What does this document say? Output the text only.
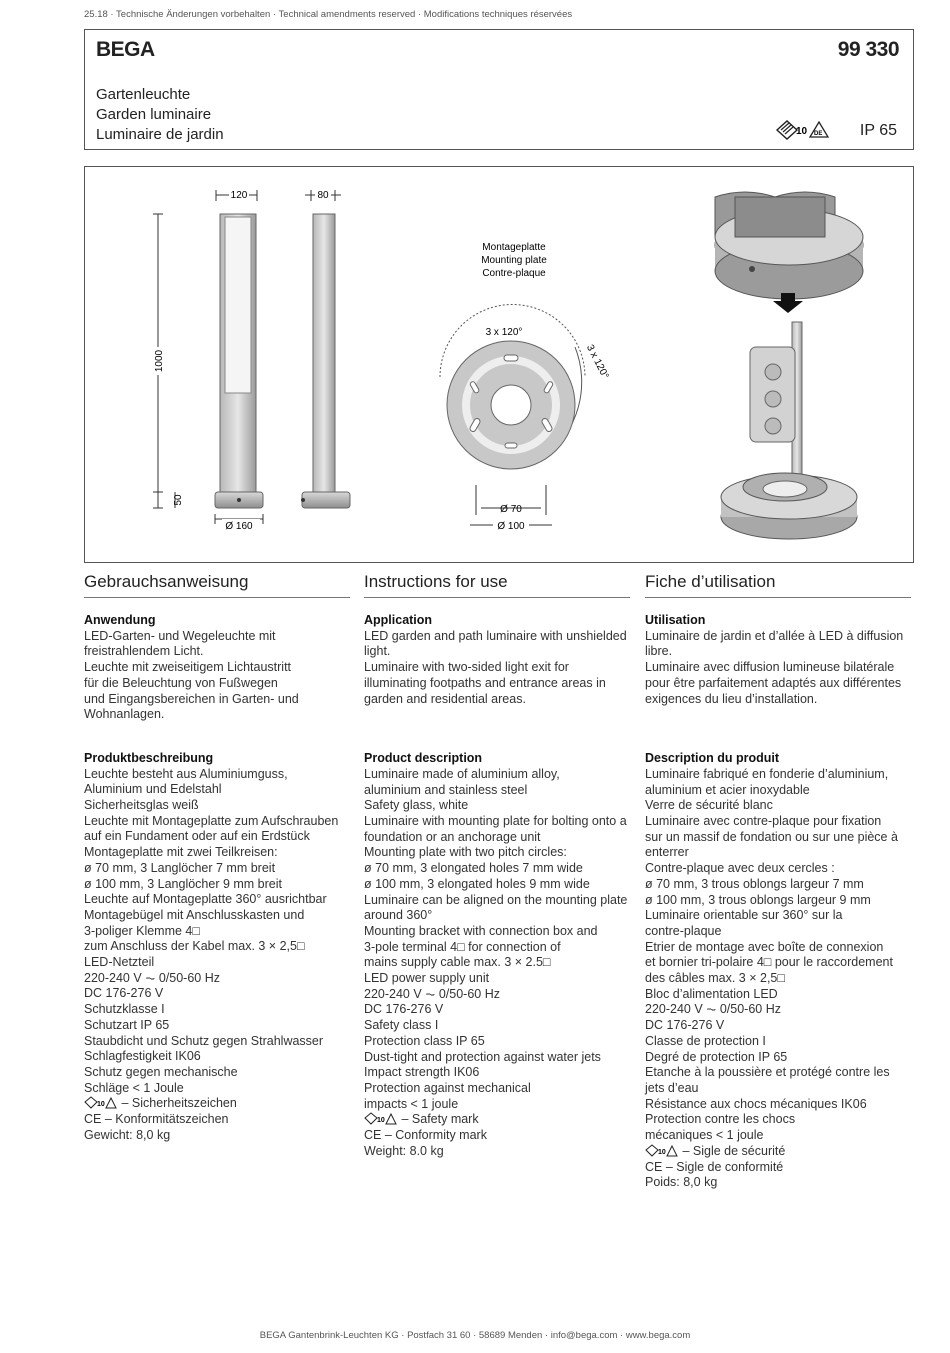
25.18 · Technische Änderungen vorbehalten · Technical amendments reserved · Modifications techniques réservées
BEGA	99 330
Gartenleuchte
Garden luminaire
Luminaire de jardin	10 DE IP 65
120
Ø 160
1000
50
80
Montageplatte
Mounting plate
Contre-plaque
3 x 120°
3 x 120°
Ø 70
Ø 100
Gebrauchsanweisung
Anwendung
LED-Garten- und Wegeleuchte mit
freistrahlendem Licht.
Leuchte mit zweiseitigem Lichtaustritt
für die Beleuchtung von Fußwegen
und Eingangsbereichen in Garten- und
Wohnanlagen.
Produktbeschreibung
Leuchte besteht aus Aluminiumguss,
Aluminium und Edelstahl
Sicherheitsglas weiß
Leuchte mit Montageplatte zum Aufschrauben
auf ein Fundament oder auf ein Erdstück
Montageplatte mit zwei Teilkreisen:
ø 70 mm, 3 Langlöcher 7 mm breit
ø 100 mm, 3 Langlöcher 9 mm breit
Leuchte auf Montageplatte 360° ausrichtbar
Montagebügel mit Anschlusskasten und
3-poliger Klemme 4□
zum Anschluss der Kabel max. 3 × 2,5□
LED-Netzteil
220-240 V ⏦ 0/50-60 Hz
DC 176-276 V
Schutzklasse I
Schutzart IP 65
Staubdicht und Schutz gegen Strahlwasser
Schlagfestigkeit IK06
Schutz gegen mechanische
Schläge < 1 Joule
10 – Sicherheitszeichen
CE – Konformitätszeichen
Gewicht: 8,0 kg
Instructions for use
Application
LED garden and path luminaire with unshielded
light.
Luminaire with two-sided light exit for
illuminating footpaths and entrance areas in
garden and residential areas.
Product description
Luminaire made of aluminium alloy,
aluminium and stainless steel
Safety glass, white
Luminaire with mounting plate for bolting onto a
foundation or an anchorage unit
Mounting plate with two pitch circles:
ø 70 mm, 3 elongated holes 7 mm wide
ø 100 mm, 3 elongated holes 9 mm wide
Luminaire can be aligned on the mounting plate
around 360°
Mounting bracket with connection box and
3-pole terminal 4□ for connection of
mains supply cable max. 3 × 2.5□
LED power supply unit
220-240 V ⏦ 0/50-60 Hz
DC 176-276 V
Safety class I
Protection class IP 65
Dust-tight and protection against water jets
Impact strength IK06
Protection against mechanical
impacts < 1 joule
10 – Safety mark
CE – Conformity mark
Weight: 8.0 kg
Fiche d’utilisation
Utilisation
Luminaire de jardin et d’allée à LED à diffusion
libre.
Luminaire avec diffusion lumineuse bilatérale
pour être parfaitement adaptés aux différentes
exigences du lieu d’installation.
Description du produit
Luminaire fabriqué en fonderie d’aluminium,
aluminium et acier inoxydable
Verre de sécurité blanc
Luminaire avec contre-plaque pour fixation
sur un massif de fondation ou sur une pièce à
enterrer
Contre-plaque avec deux cercles :
ø 70 mm, 3 trous oblongs largeur 7 mm
ø 100 mm, 3 trous oblongs largeur 9 mm
Luminaire orientable sur 360° sur la
contre-plaque
Etrier de montage avec boîte de connexion
et bornier tri-polaire 4□ pour le raccordement
des câbles max. 3 × 2,5□
Bloc d’alimentation LED
220-240 V ⏦ 0/50-60 Hz
DC 176-276 V
Classe de protection I
Degré de protection IP 65
Etanche à la poussière et protégé contre les
jets d’eau
Résistance aux chocs mécaniques IK06
Protection contre les chocs
mécaniques < 1 joule
10 – Sigle de sécurité
CE – Sigle de conformité
Poids: 8,0 kg
BEGA Gantenbrink-Leuchten KG · Postfach 31 60 · 58689 Menden · info@bega.com · www.bega.com
